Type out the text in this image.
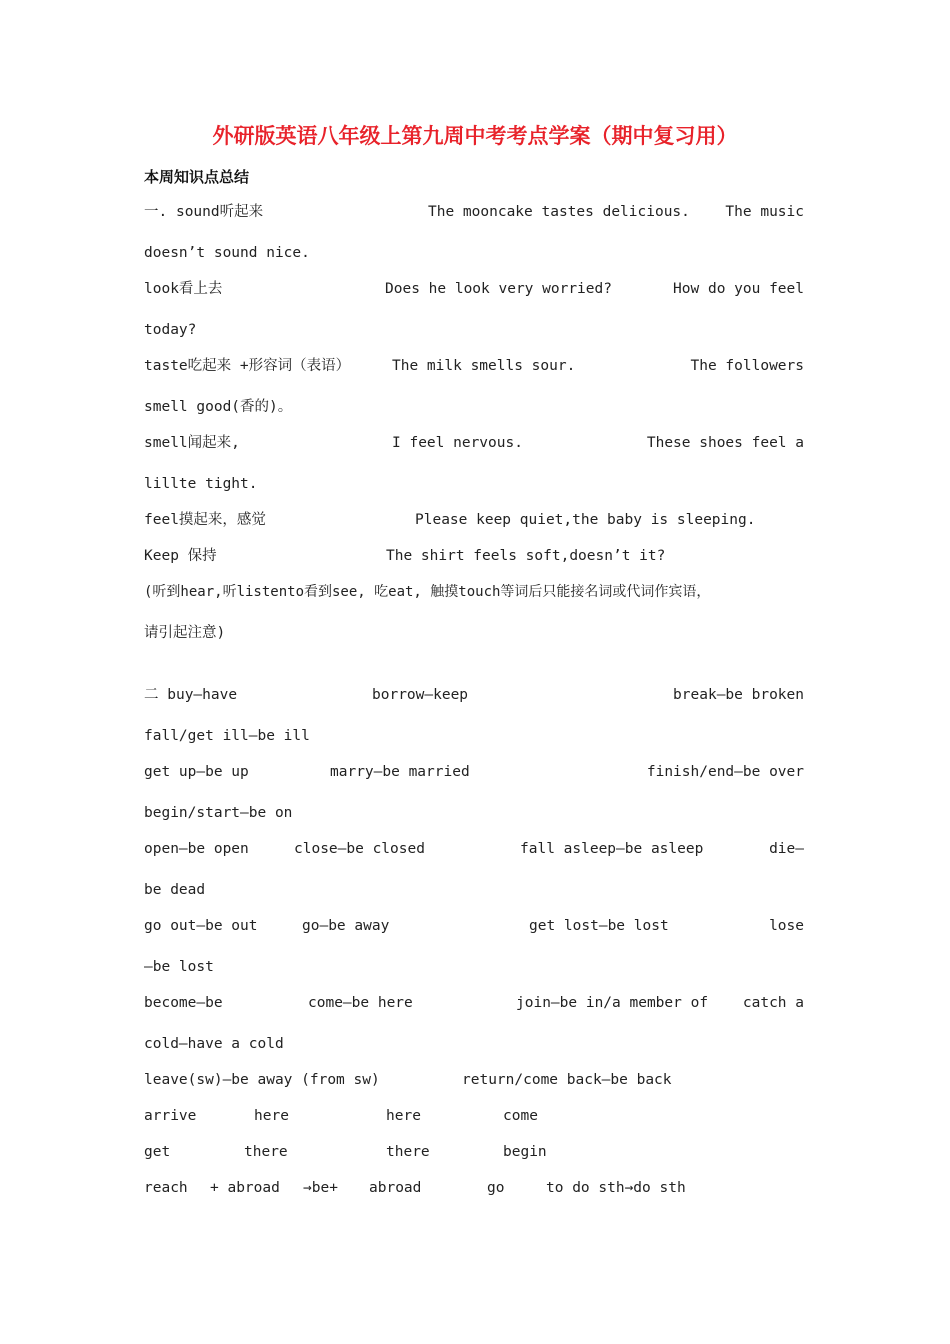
外研版英语八年级上第九周中考考点学案（期中复习用）
本周知识点总结
一. sound听起来	The mooncake tastes delicious. The music
doesn’t sound nice.
look看上去	Does he look very worried?	How do you feel
today?
taste吃起来 +形容词（表语）	The milk smells sour.	The followers
smell good(香的)。
smell闻起来,	I feel nervous.	These shoes feel a
lillte tight.
feel摸起来，感觉	Please keep quiet,the baby is sleeping.
Keep 保持	The shirt feels soft,doesn’t it?
(听到hear,听listento看到see, 吃eat, 触摸touch等词后只能接名词或代词作宾语，
请引起注意)
二 buy—have	borrow—keep	break—be broken
fall/get ill—be ill
get up—be up	marry—be married	finish/end—be over
begin/start—be on
open—be open	close—be closed	fall asleep—be asleep	die—
be dead
go out—be out	go—be away	get lost—be lost	lose
—be lost
become—be	come—be here	join—be in/a member of catch a
cold—have a cold
leave(sw)—be away (from sw)	return/come back—be back
arrive	here	here	come
get	there	there	begin
reach + abroad →be+ abroad	go	to do sth→do sth
